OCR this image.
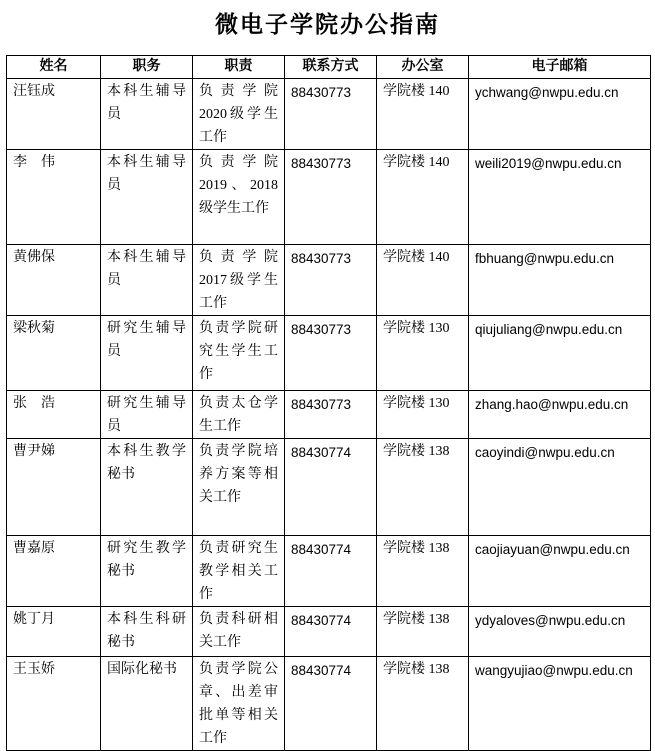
微电子学院办公指南
姓名	职务	职责	联系方式	办公室	电子邮箱
汪钰成	本科生辅导员	负责学院2020级学生工作	88430773	学院楼 140	ychwang@nwpu.edu.cn
李　伟	本科生辅导员	负责学院2019、2018级学生工作	88430773	学院楼 140	weili2019@nwpu.edu.cn
黄佛保	本科生辅导员	负责学院2017级学生工作	88430773	学院楼 140	fbhuang@nwpu.edu.cn
梁秋菊	研究生辅导员	负责学院研究生学生工作	88430773	学院楼 130	qiujuliang@nwpu.edu.cn
张　浩	研究生辅导员	负责太仓学生工作	88430773	学院楼 130	zhang.hao@nwpu.edu.cn
曹尹娣	本科生教学秘书	负责学院培养方案等相关工作	88430774	学院楼 138	caoyindi@nwpu.edu.cn
曹嘉原	研究生教学秘书	负责研究生教学相关工作	88430774	学院楼 138	caojiayuan@nwpu.edu.cn
姚丁月	本科生科研秘书	负责科研相关工作	88430774	学院楼 138	ydyaloves@nwpu.edu.cn
王玉娇	国际化秘书	负责学院公章、出差审批单等相关工作	88430774	学院楼 138	wangyujiao@nwpu.edu.cn
